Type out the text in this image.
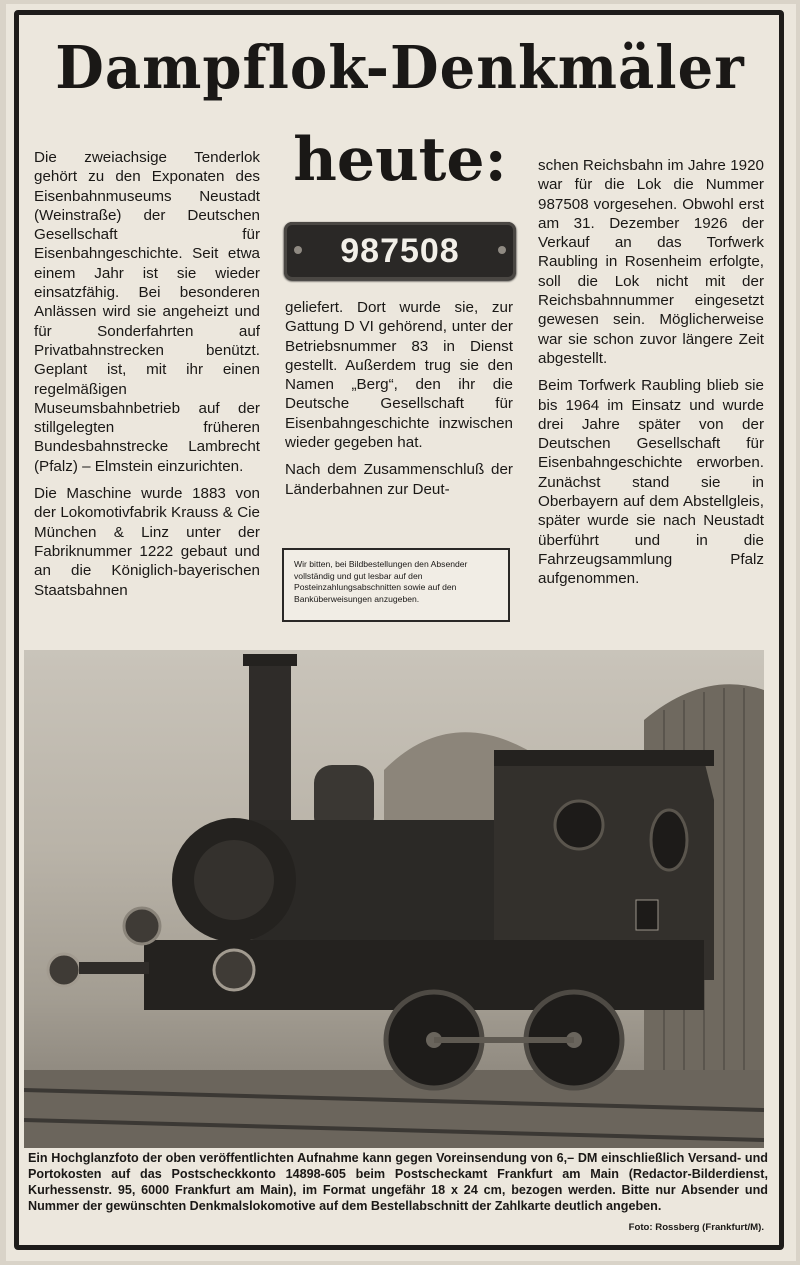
Dampflok-Denkmäler
heute:
987508

Die zweiachsige Tenderlok gehört zu den Exponaten des Eisenbahnmuseums Neustadt (Weinstraße) der Deutschen Gesellschaft für Eisenbahngeschichte. Seit etwa einem Jahr ist sie wieder einsatzfähig. Bei besonderen Anlässen wird sie angeheizt und für Sonderfahrten auf Privatbahnstrecken benützt. Geplant ist, mit ihr einen regelmäßigen Museumsbahnbetrieb auf der stillgelegten früheren Bundesbahnstrecke Lambrecht (Pfalz) – Elmstein einzurichten.

Die Maschine wurde 1883 von der Lokomotivfabrik Krauss & Cie München & Linz unter der Fabriknummer 1222 gebaut und an die Königlich-bayerischen Staatsbahnen

geliefert. Dort wurde sie, zur Gattung D VI gehörend, unter der Betriebsnummer 83 in Dienst gestellt. Außerdem trug sie den Namen „Berg“, den ihr die Deutsche Gesellschaft für Eisenbahngeschichte inzwischen wieder gegeben hat.

Nach dem Zusammenschluß der Länderbahnen zur Deut-

Wir bitten, bei Bildbestellungen den Absender vollständig und gut lesbar auf den Posteinzahlungsabschnitten sowie auf den Banküberweisungen anzugeben.

schen Reichsbahn im Jahre 1920 war für die Lok die Nummer 987508 vorgesehen. Obwohl erst am 31. Dezember 1926 der Verkauf an das Torfwerk Raubling in Rosenheim erfolgte, soll die Lok nicht mit der Reichsbahnnummer eingesetzt gewesen sein. Möglicherweise war sie schon zuvor längere Zeit abgestellt.

Beim Torfwerk Raubling blieb sie bis 1964 im Einsatz und wurde drei Jahre später von der Deutschen Gesellschaft für Eisenbahngeschichte erworben. Zunächst stand sie in Oberbayern auf dem Abstellgleis, später wurde sie nach Neustadt überführt und in die Fahrzeugsammlung Pfalz aufgenommen.

Ein Hochglanzfoto der oben veröffentlichten Aufnahme kann gegen Voreinsendung von 6,– DM einschließlich Versand- und Portokosten auf das Postscheckkonto 14898-605 beim Postscheckamt Frankfurt am Main (Redactor-Bilderdienst, Kurhessenstr. 95, 6000 Frankfurt am Main), im Format ungefähr 18 x 24 cm, bezogen werden. Bitte nur Absender und Nummer der gewünschten Denkmalslokomotive auf dem Bestellabschnitt der Zahlkarte deutlich angeben.
Foto: Rossberg (Frankfurt/M).
